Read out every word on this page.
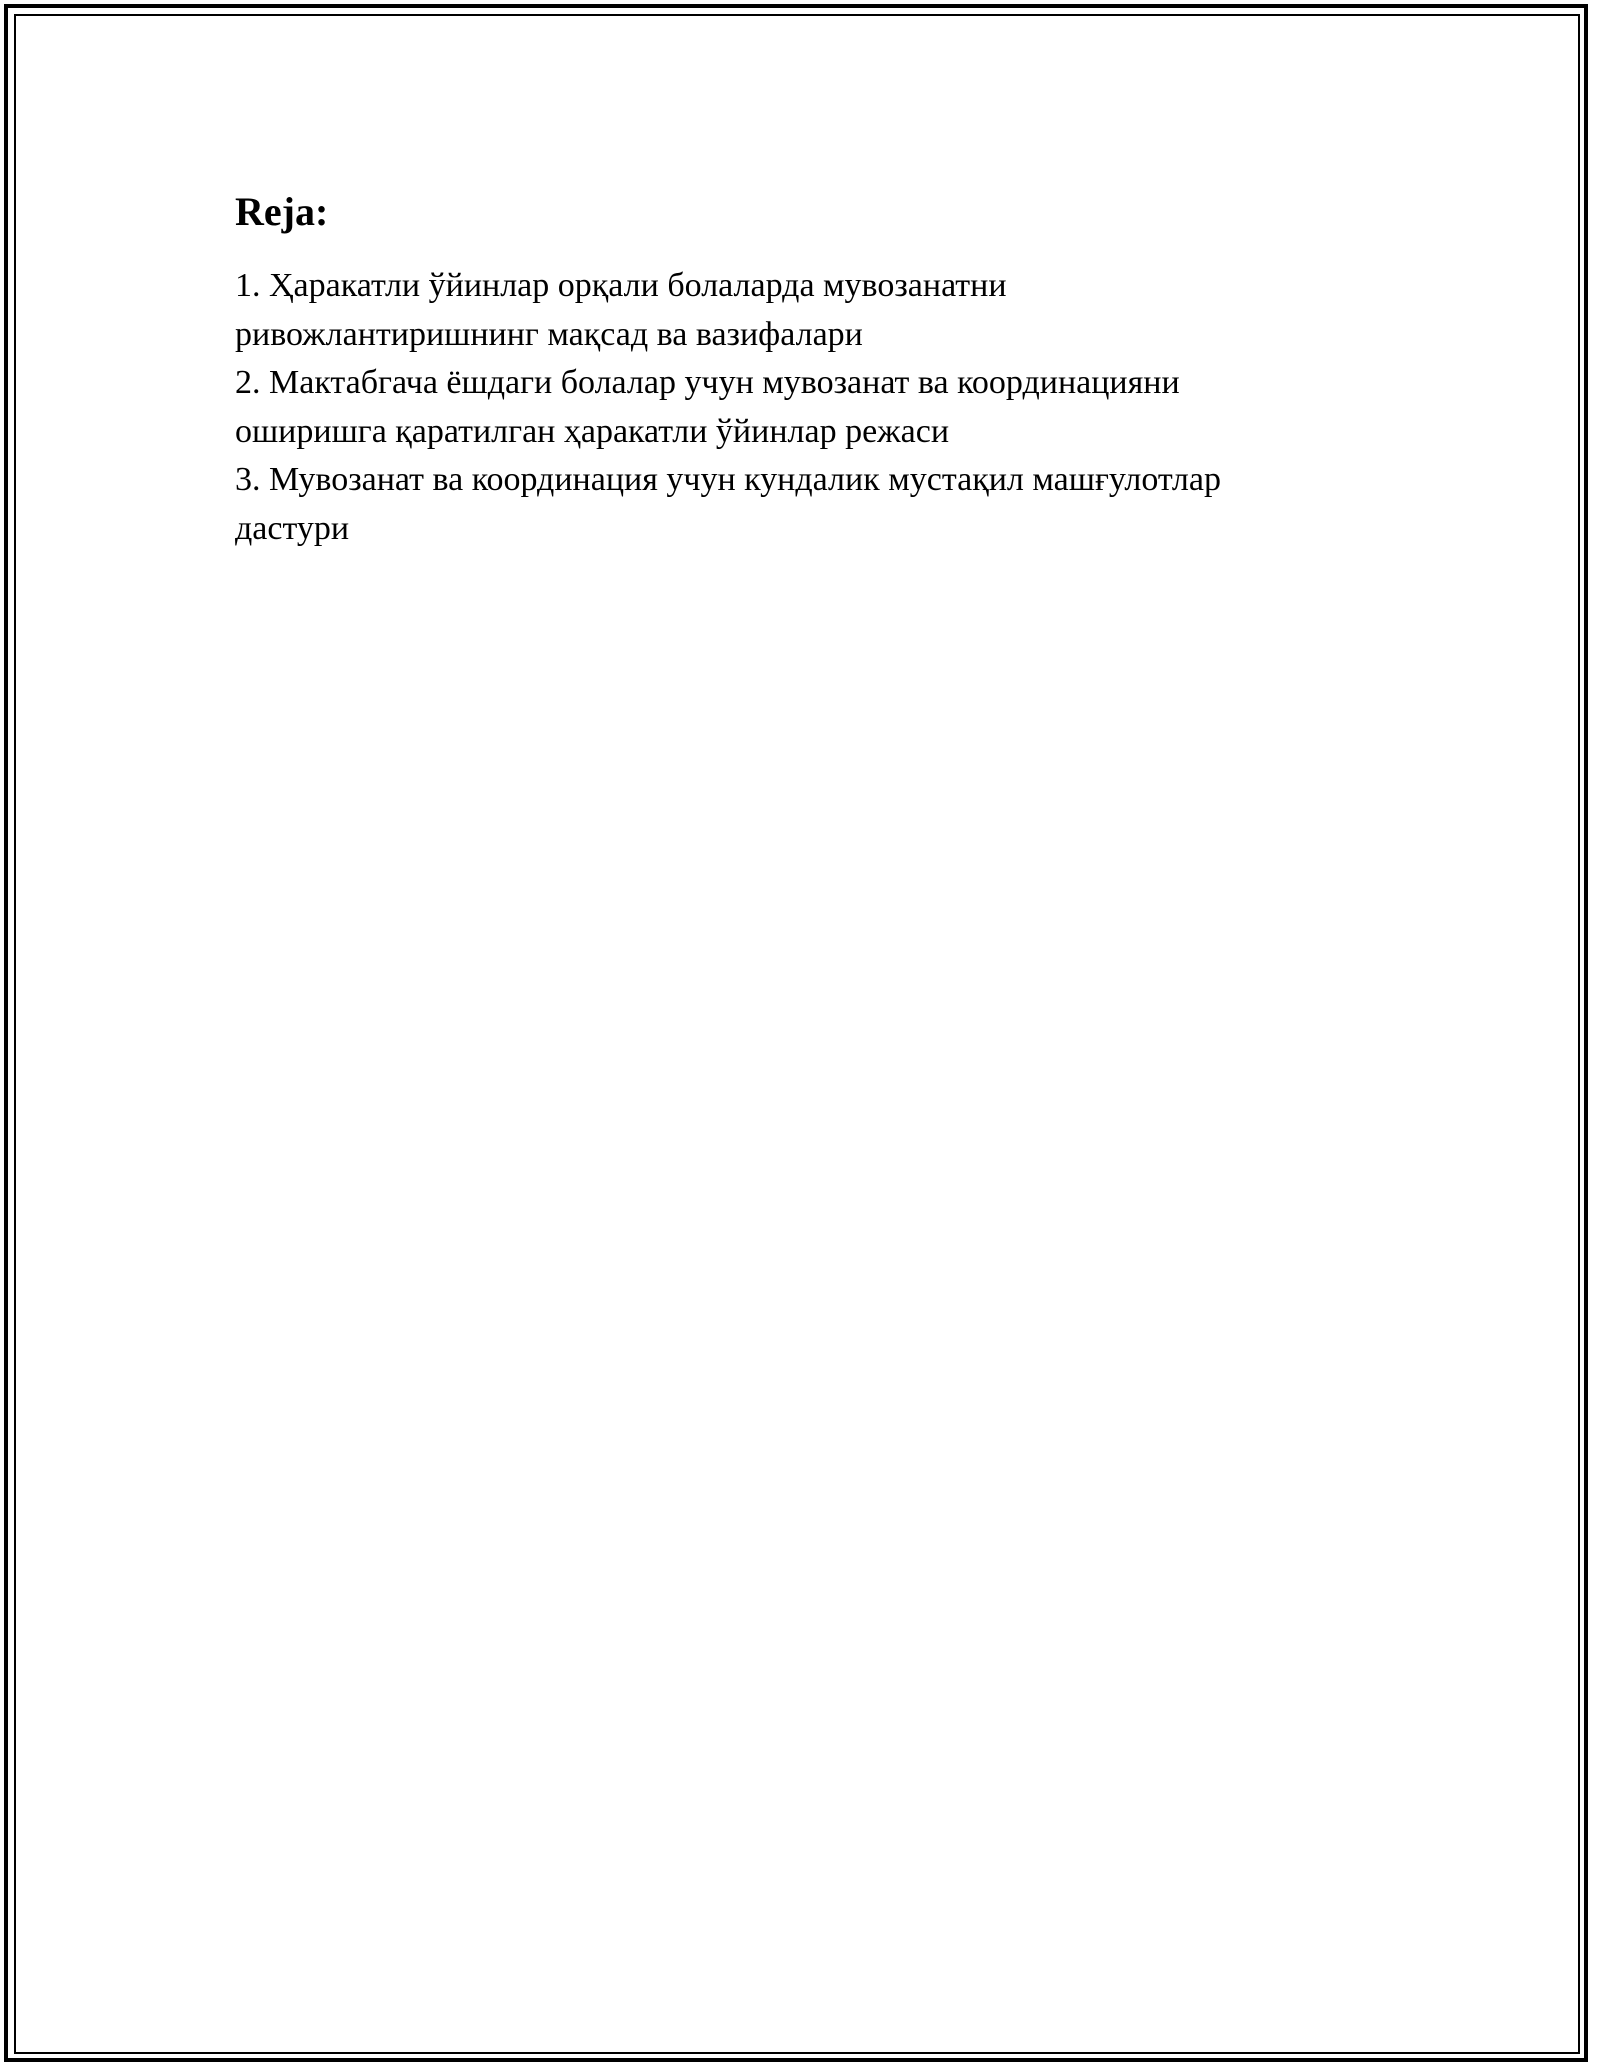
Reja:
1. Ҳаракатли ўйинлар орқали болаларда мувозанатни
ривожлантиришнинг мақсад ва вазифалари
2. Мактабгача ёшдаги болалар учун мувозанат ва координацияни
оширишга қаратилган ҳаракатли ўйинлар режаси
3. Мувозанат ва координация учун кундалик мустақил машғулотлар
дастури
